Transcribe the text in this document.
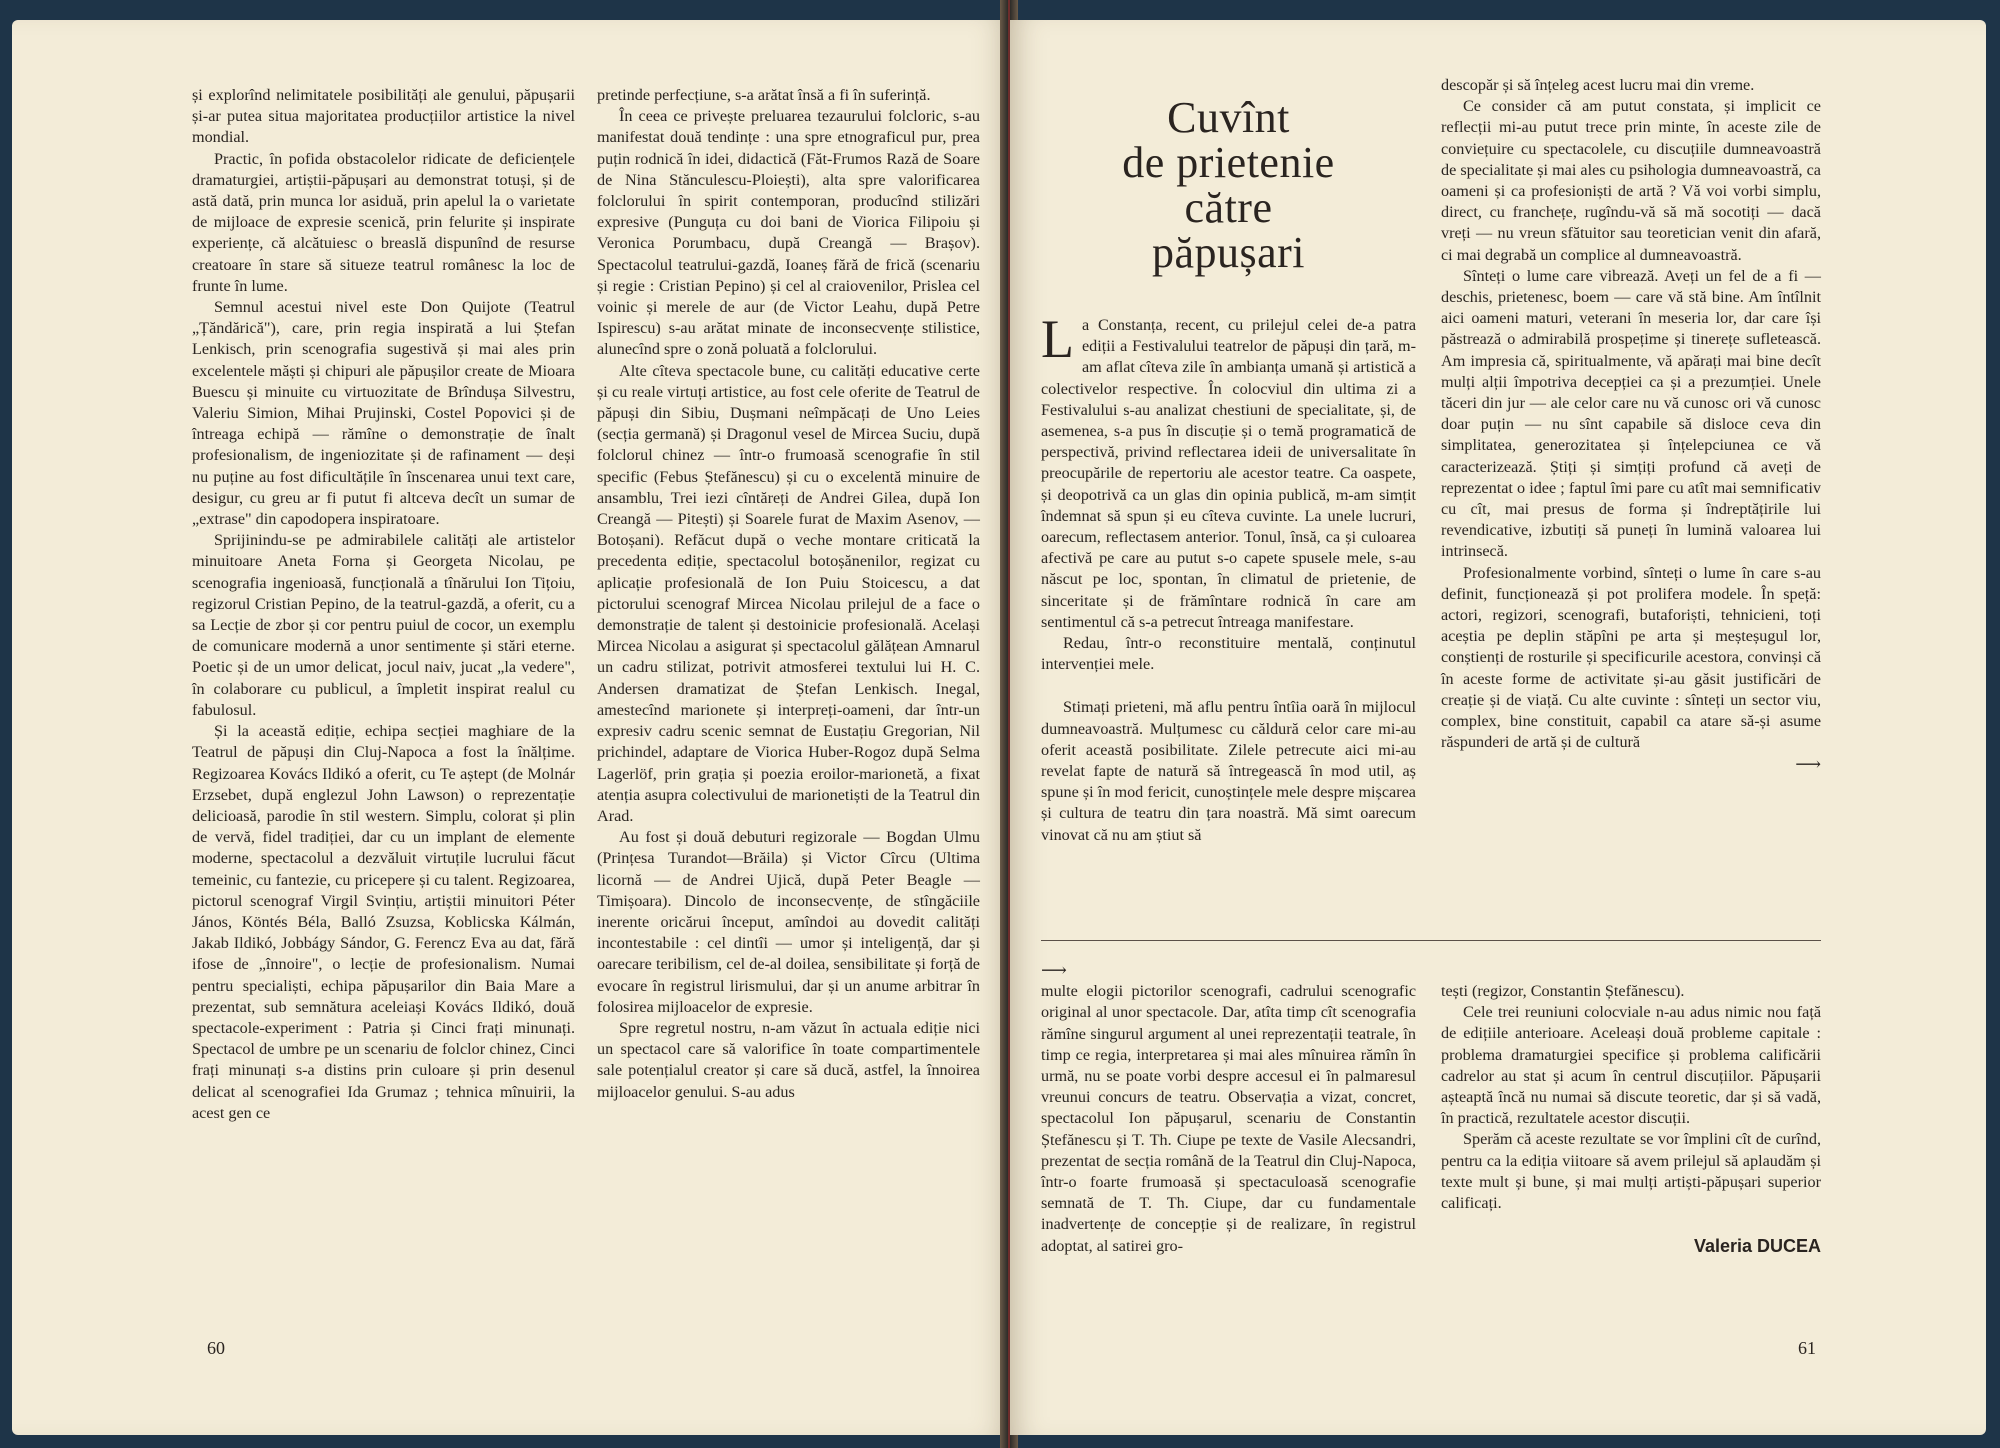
și explorînd nelimitatele posibilități ale genului, păpușarii și-ar putea situa majoritatea producțiilor artistice la nivel mondial.

Practic, în pofida obstacolelor ridicate de deficiențele dramaturgiei, artiștii-păpușari au demonstrat totuși, și de astă dată, prin munca lor asiduă, prin apelul la o varietate de mijloace de expresie scenică, prin felurite și inspirate experiențe, că alcătuiesc o breaslă dispunînd de resurse creatoare în stare să situeze teatrul românesc la loc de frunte în lume.

Semnul acestui nivel este Don Quijote (Teatrul „Țăndărică"), care, prin regia inspirată a lui Ștefan Lenkisch, prin scenografia sugestivă și mai ales prin excelentele măști și chipuri ale păpușilor create de Mioara Buescu și minuite cu virtuozitate de Brîndușa Silvestru, Valeriu Simion, Mihai Prujinski, Costel Popovici și de întreaga echipă — rămîne o demonstrație de înalt profesionalism, de ingeniozitate și de rafinament — deși nu puține au fost dificultățile în înscenarea unui text care, desigur, cu greu ar fi putut fi altceva decît un sumar de „extrase" din capodopera inspiratoare.

Sprijinindu-se pe admirabilele calități ale artistelor minuitoare Aneta Forna și Georgeta Nicolau, pe scenografia ingenioasă, funcțională a tînărului Ion Tițoiu, regizorul Cristian Pepino, de la teatrul-gazdă, a oferit, cu a sa Lecție de zbor și cor pentru puiul de cocor, un exemplu de comunicare modernă a unor sentimente și stări eterne. Poetic și de un umor delicat, jocul naiv, jucat „la vedere", în colaborare cu publicul, a împletit inspirat realul cu fabulosul.

Și la această ediție, echipa secției maghiare de la Teatrul de păpuși din Cluj-Napoca a fost la înălțime. Regizoarea Kovács Ildikó a oferit, cu Te aștept (de Molnár Erzsebet, după englezul John Lawson) o reprezentație delicioasă, parodie în stil western. Simplu, colorat și plin de vervă, fidel tradiției, dar cu un implant de elemente moderne, spectacolul a dezvăluit virtuțile lucrului făcut temeinic, cu fantezie, cu pricepere și cu talent. Regizoarea, pictorul scenograf Virgil Svințiu, artiștii minuitori Péter János, Köntés Béla, Balló Zsuzsa, Koblicska Kálmán, Jakab Ildikó, Jobbágy Sándor, G. Ferencz Eva au dat, fără ifose de „înnoire", o lecție de profesionalism. Numai pentru specialiști, echipa păpușarilor din Baia Mare a prezentat, sub semnătura aceleiași Kovács Ildikó, două spectacole-experiment : Patria și Cinci frați minunați. Spectacol de umbre pe un scenariu de folclor chinez, Cinci frați minunați s-a distins prin culoare și prin desenul delicat al scenografiei Ida Grumaz ; tehnica mînuirii, la acest gen ce

pretinde perfecțiune, s-a arătat însă a fi în suferință.

În ceea ce privește preluarea tezaurului folcloric, s-au manifestat două tendințe : una spre etnograficul pur, prea puțin rodnică în idei, didactică (Făt-Frumos Rază de Soare de Nina Stănculescu-Ploiești), alta spre valorificarea folclorului în spirit contemporan, producînd stilizări expresive (Punguța cu doi bani de Viorica Filipoiu și Veronica Porumbacu, după Creangă — Brașov). Spectacolul teatrului-gazdă, Ioaneș fără de frică (scenariu și regie : Cristian Pepino) și cel al craiovenilor, Prislea cel voinic și merele de aur (de Victor Leahu, după Petre Ispirescu) s-au arătat minate de inconsecvențe stilistice, alunecînd spre o zonă poluată a folclorului.

Alte cîteva spectacole bune, cu calități educative certe și cu reale virtuți artistice, au fost cele oferite de Teatrul de păpuși din Sibiu, Dușmani neîmpăcați de Uno Leies (secția germană) și Dragonul vesel de Mircea Suciu, după folclorul chinez — într-o frumoasă scenografie în stil specific (Febus Ștefănescu) și cu o excelentă minuire de ansamblu, Trei iezi cîntăreți de Andrei Gilea, după Ion Creangă — Pitești) și Soarele furat de Maxim Asenov, — Botoșani). Refăcut după o veche montare criticată la precedenta ediție, spectacolul botoșănenilor, regizat cu aplicație profesională de Ion Puiu Stoicescu, a dat pictorului scenograf Mircea Nicolau prilejul de a face o demonstrație de talent și destoinicie profesională. Același Mircea Nicolau a asigurat și spectacolul gălățean Amnarul un cadru stilizat, potrivit atmosferei textului lui H. C. Andersen dramatizat de Ștefan Lenkisch. Inegal, amestecînd marionete și interpreți-oameni, dar într-un expresiv cadru scenic semnat de Eustațiu Gregorian, Nil prichindel, adaptare de Viorica Huber-Rogoz după Selma Lagerlöf, prin grația și poezia eroilor-marionetă, a fixat atenția asupra colectivului de marionetiști de la Teatrul din Arad.

Au fost și două debuturi regizorale — Bogdan Ulmu (Prințesa Turandot—Brăila) și Victor Cîrcu (Ultima licornă — de Andrei Ujică, după Peter Beagle — Timișoara). Dincolo de inconsecvențe, de stîngăciile inerente oricărui început, amîndoi au dovedit calități incontestabile : cel dintîi — umor și inteligență, dar și oarecare teribilism, cel de-al doilea, sensibilitate și forță de evocare în registrul lirismului, dar și un anume arbitrar în folosirea mijloacelor de expresie.

Spre regretul nostru, n-am văzut în actuala ediție nici un spectacol care să valorifice în toate compartimentele sale potențialul creator și care să ducă, astfel, la înnoirea mijloacelor genului. S-au adus

60
Cuvînt
de prietenie
către
păpușari

La Constanța, recent, cu prilejul celei de-a patra ediții a Festivalului teatrelor de păpuși din țară, m-am aflat cîteva zile în ambianța umană și artistică a colectivelor respective. În colocviul din ultima zi a Festivalului s-au analizat chestiuni de specialitate, și, de asemenea, s-a pus în discuție și o temă programatică de perspectivă, privind reflectarea ideii de universalitate în preocupările de repertoriu ale acestor teatre. Ca oaspete, și deopotrivă ca un glas din opinia publică, m-am simțit îndemnat să spun și eu cîteva cuvinte. La unele lucruri, oarecum, reflectasem anterior. Tonul, însă, ca și culoarea afectivă pe care au putut s-o capete spusele mele, s-au născut pe loc, spontan, în climatul de prietenie, de sinceritate și de frămîntare rodnică în care am sentimentul că s-a petrecut întreaga manifestare.

Redau, într-o reconstituire mentală, conținutul intervenției mele.

Stimați prieteni, mă aflu pentru întîia oară în mijlocul dumneavoastră. Mulțumesc cu căldură celor care mi-au oferit această posibilitate. Zilele petrecute aici mi-au revelat fapte de natură să întregească în mod util, aș spune și în mod fericit, cunoștințele mele despre mișcarea și cultura de teatru din țara noastră. Mă simt oarecum vinovat că nu am știut să

descopăr și să înțeleg acest lucru mai din vreme.

Ce consider că am putut constata, și implicit ce reflecții mi-au putut trece prin minte, în aceste zile de conviețuire cu spectacolele, cu discuțiile dumneavoastră de specialitate și mai ales cu psihologia dumneavoastră, ca oameni și ca profesioniști de artă ? Vă voi vorbi simplu, direct, cu franchețe, rugîndu-vă să mă socotiți — dacă vreți — nu vreun sfătuitor sau teoretician venit din afară, ci mai degrabă un complice al dumneavoastră.

Sînteți o lume care vibrează. Aveți un fel de a fi — deschis, prietenesc, boem — care vă stă bine. Am întîlnit aici oameni maturi, veterani în meseria lor, dar care își păstrează o admirabilă prospețime și tinerețe sufletească. Am impresia că, spiritualmente, vă apărați mai bine decît mulți alții împotriva decepției ca și a prezumției. Unele tăceri din jur — ale celor care nu vă cunosc ori vă cunosc doar puțin — nu sînt capabile să disloce ceva din simplitatea, generozitatea și înțelepciunea ce vă caracterizează. Știți și simțiți profund că aveți de reprezentat o idee ; faptul îmi pare cu atît mai semnificativ cu cît, mai presus de forma și îndreptățirile lui revendicative, izbutiți să puneți în lumină valoarea lui intrinsecă.

Profesionalmente vorbind, sînteți o lume în care s-au definit, funcționează și pot prolifera modele. În speță: actori, regizori, scenografi, butaforiști, tehnicieni, toți aceștia pe deplin stăpîni pe arta și meșteșugul lor, conștienți de rosturile și specificurile acestora, convinși că în aceste forme de activitate și-au găsit justificări de creație și de viață. Cu alte cuvinte : sînteți un sector viu, complex, bine constituit, capabil ca atare să-și asume răspunderi de artă și de cultură

⟶
⟶

multe elogii pictorilor scenografi, cadrului scenografic original al unor spectacole. Dar, atîta timp cît scenografia rămîne singurul argument al unei reprezentații teatrale, în timp ce regia, interpretarea și mai ales mînuirea rămîn în urmă, nu se poate vorbi despre accesul ei în palmaresul vreunui concurs de teatru. Observația a vizat, concret, spectacolul Ion păpușarul, scenariu de Constantin Ștefănescu și T. Th. Ciupe pe texte de Vasile Alecsandri, prezentat de secția română de la Teatrul din Cluj-Napoca, într-o foarte frumoasă și spectaculoasă scenografie semnată de T. Th. Ciupe, dar cu fundamentale inadvertențe de concepție și de realizare, în registrul adoptat, al satirei gro-

tești (regizor, Constantin Ștefănescu).

Cele trei reuniuni colocviale n-au adus nimic nou față de edițiile anterioare. Aceleași două probleme capitale : problema dramaturgiei specifice și problema calificării cadrelor au stat și acum în centrul discuțiilor. Păpușarii așteaptă încă nu numai să discute teoretic, dar și să vadă, în practică, rezultatele acestor discuții.

Sperăm că aceste rezultate se vor împlini cît de curînd, pentru ca la ediția viitoare să avem prilejul să aplaudăm și texte mult și bune, și mai mulți artiști-păpușari superior calificați.

Valeria DUCEA
61
